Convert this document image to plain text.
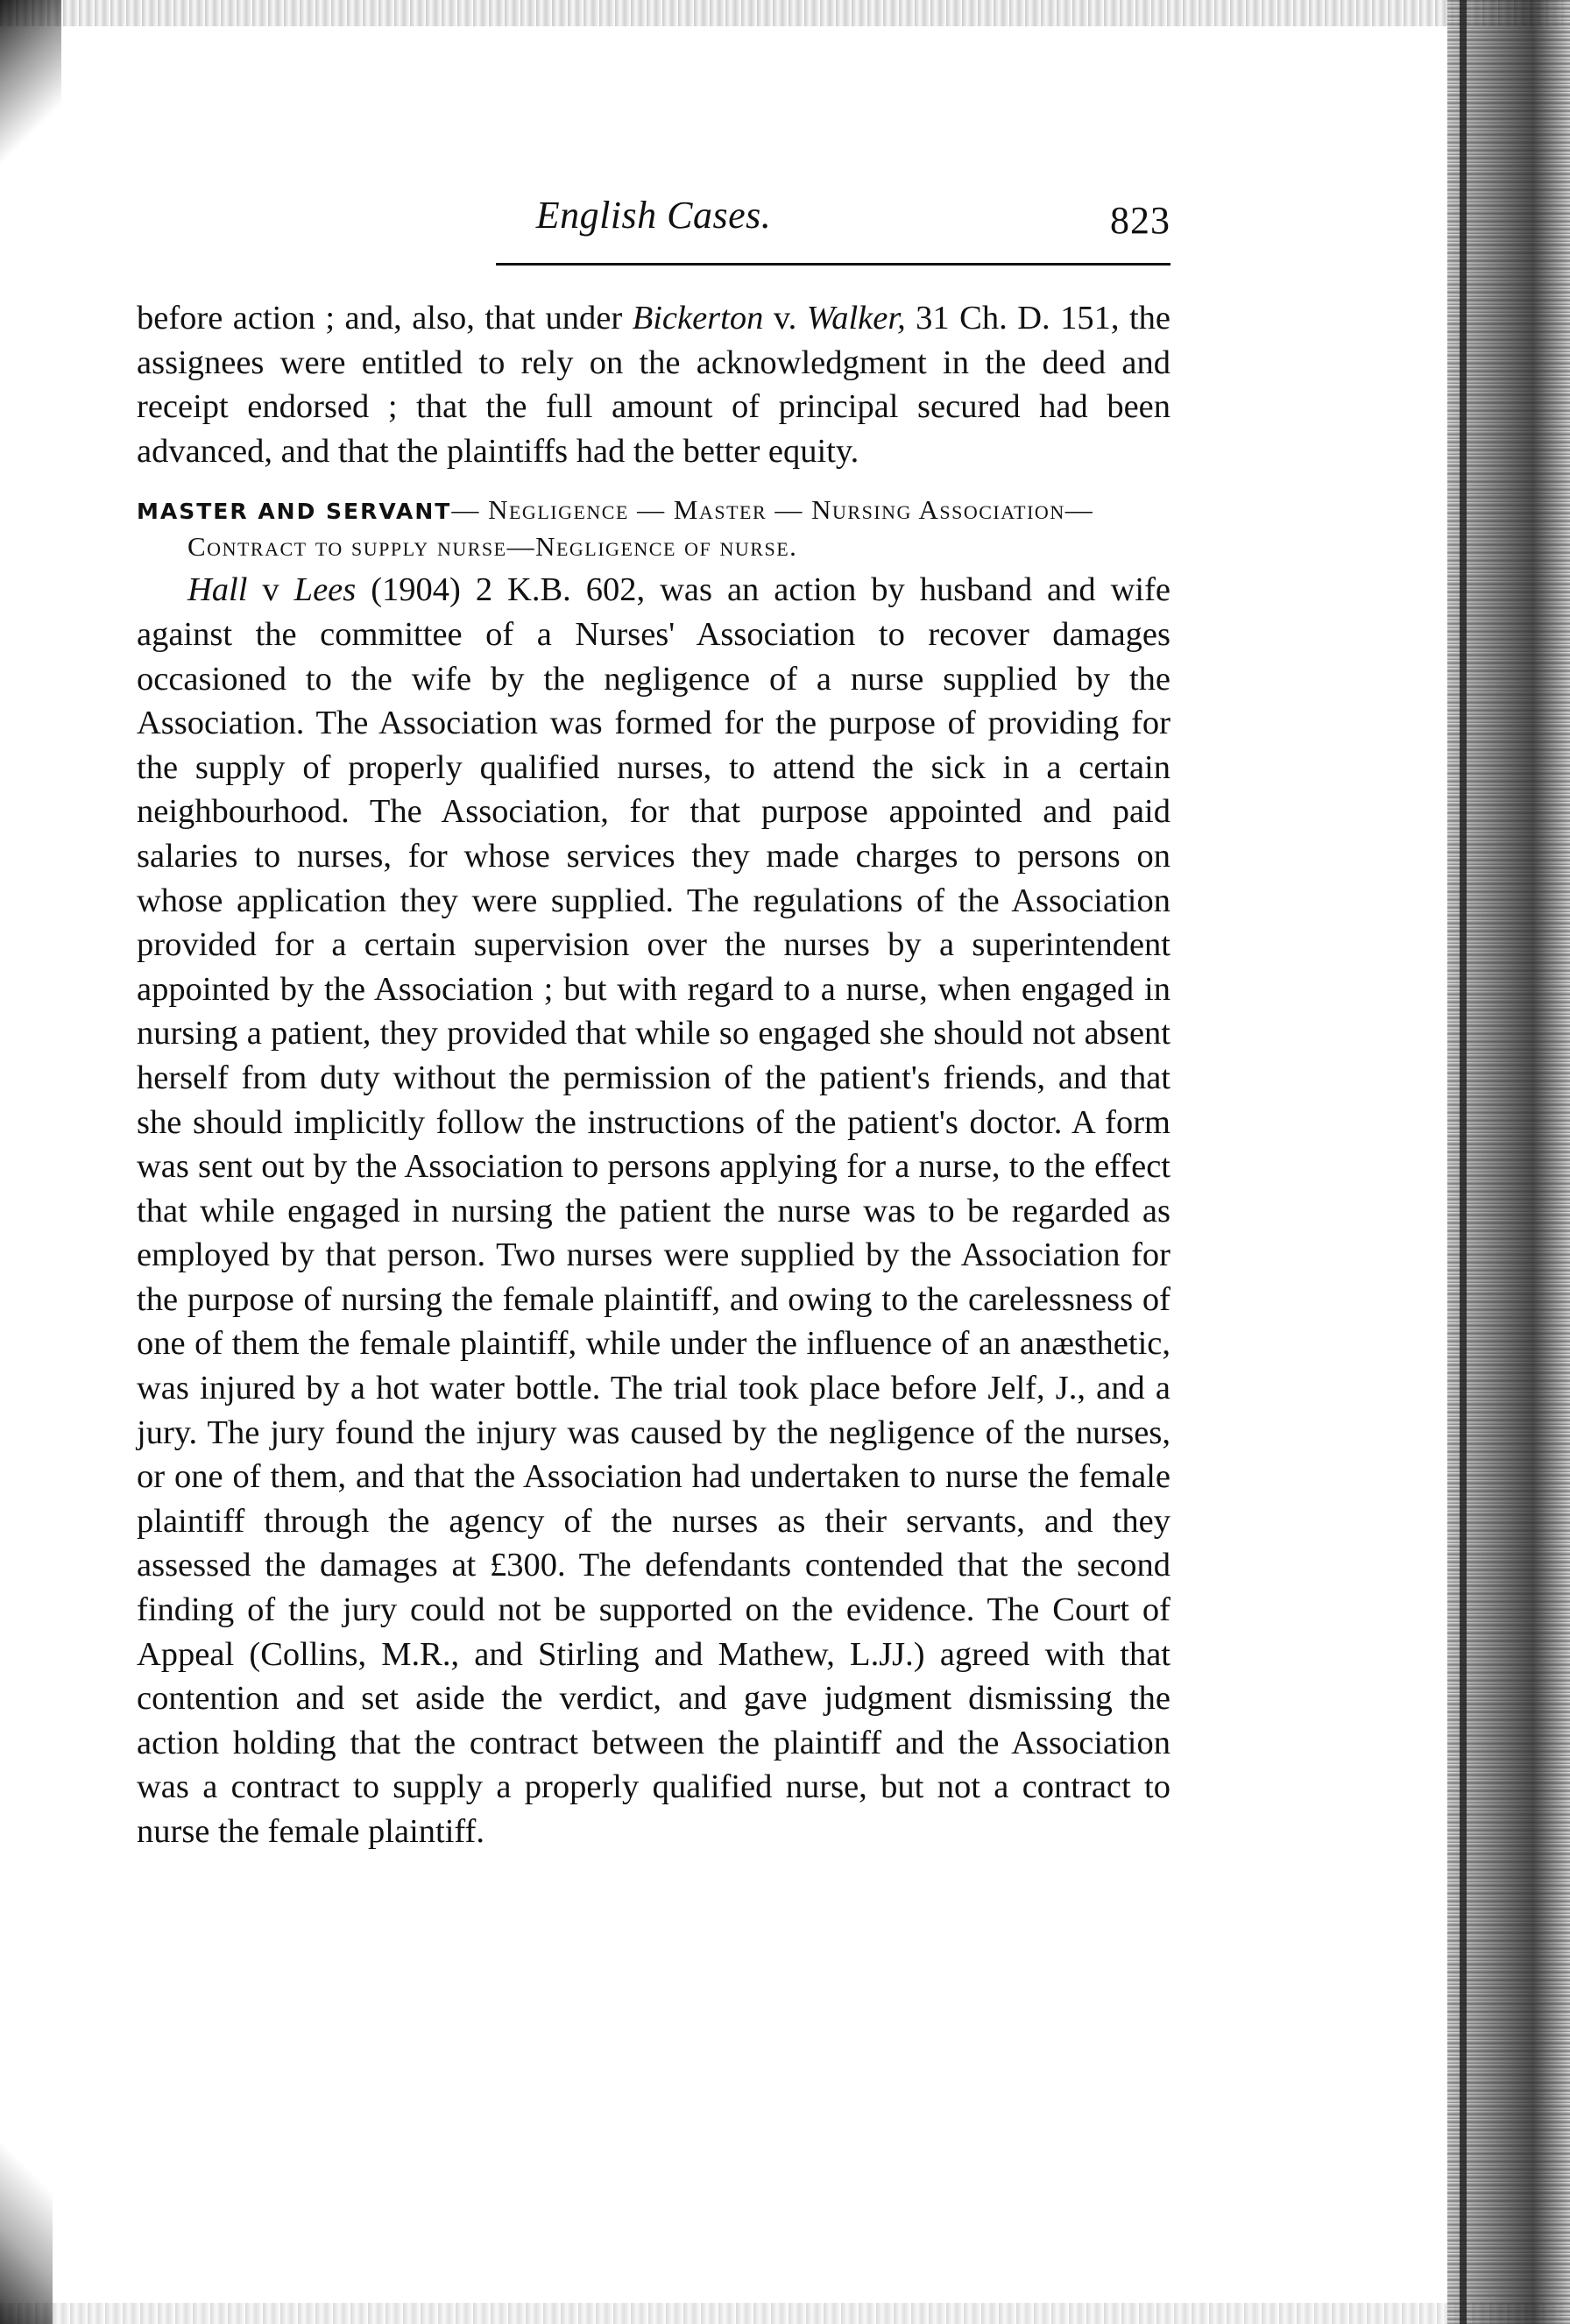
English Cases.	823

before action ; and, also, that under Bickerton v. Walker, 31 Ch. D. 151, the assignees were entitled to rely on the acknowledgment in the deed and receipt endorsed ; that the full amount of principal secured had been advanced, and that the plaintiffs had the better equity.

MASTER AND SERVANT— Negligence — Master — Nursing Association—
Contract to supply nurse—Negligence of nurse.

Hall v Lees (1904) 2 K.B. 602, was an action by husband and wife against the committee of a Nurses' Association to recover damages occasioned to the wife by the negligence of a nurse supplied by the Association. The Association was formed for the purpose of providing for the supply of properly qualified nurses, to attend the sick in a certain neighbourhood. The Association, for that purpose appointed and paid salaries to nurses, for whose services they made charges to persons on whose application they were supplied. The regulations of the Association provided for a certain supervision over the nurses by a superintendent appointed by the Association ; but with regard to a nurse, when engaged in nursing a patient, they provided that while so engaged she should not absent herself from duty without the permission of the patient's friends, and that she should implicitly follow the instructions of the patient's doctor. A form was sent out by the Association to persons applying for a nurse, to the effect that while engaged in nursing the patient the nurse was to be regarded as employed by that person. Two nurses were supplied by the Association for the purpose of nursing the female plaintiff, and owing to the carelessness of one of them the female plaintiff, while under the influence of an anæsthetic, was injured by a hot water bottle. The trial took place before Jelf, J., and a jury. The jury found the injury was caused by the negligence of the nurses, or one of them, and that the Association had undertaken to nurse the female plaintiff through the agency of the nurses as their servants, and they assessed the damages at £300. The defendants contended that the second finding of the jury could not be supported on the evidence. The Court of Appeal (Collins, M.R., and Stirling and Mathew, L.JJ.) agreed with that contention and set aside the verdict, and gave judgment dismissing the action holding that the contract between the plaintiff and the Association was a contract to supply a properly qualified nurse, but not a contract to nurse the female plaintiff.
